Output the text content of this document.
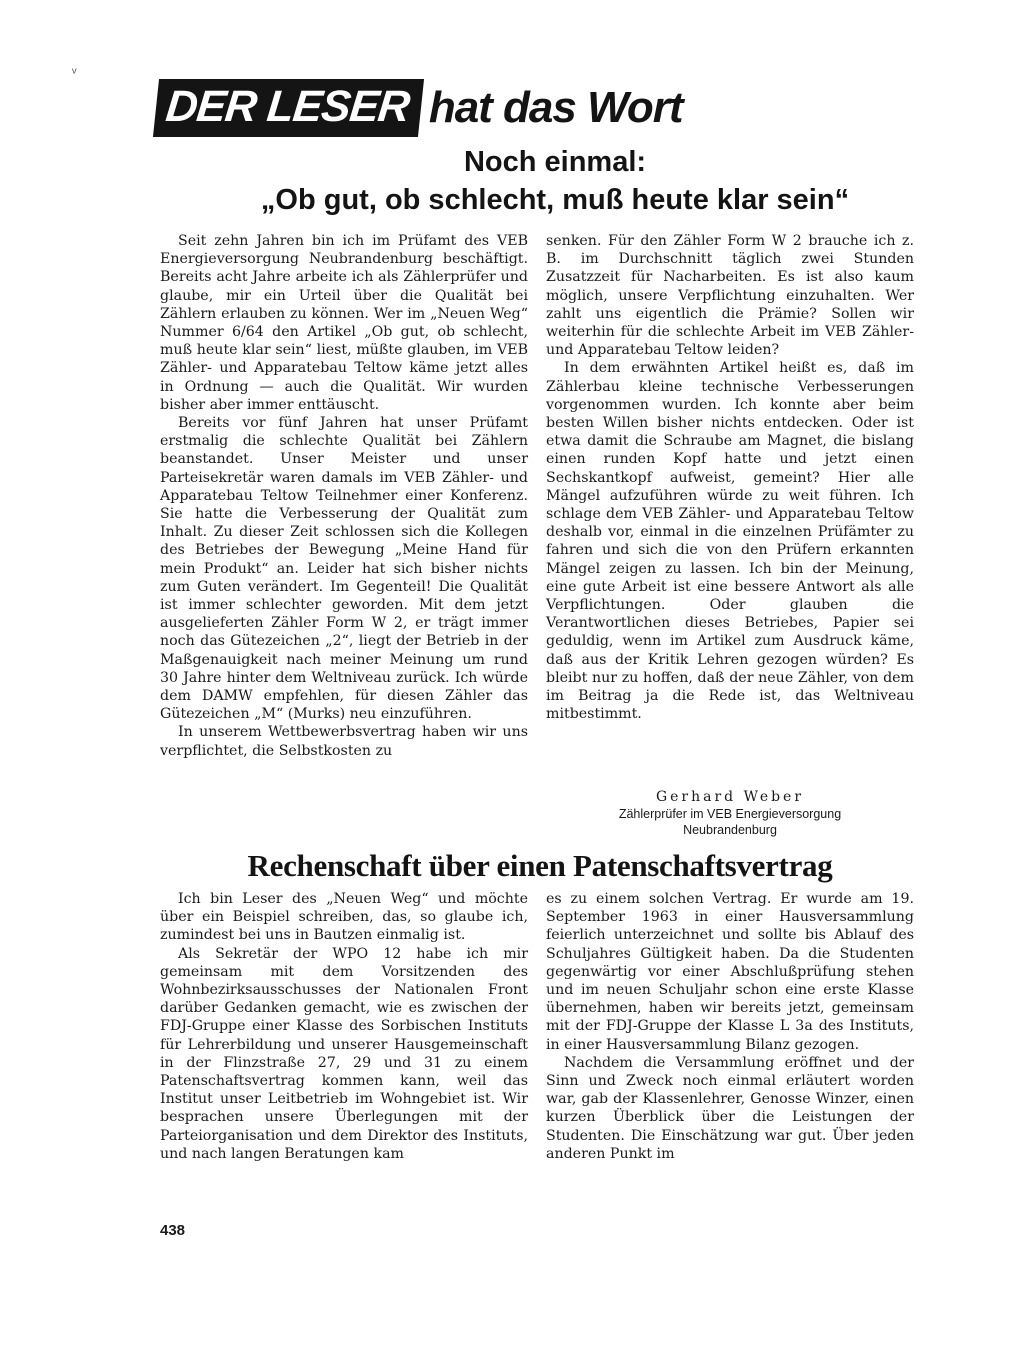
ᵛ
DER LESER hat das Wort
Noch einmal:
„Ob gut, ob schlecht, muß heute klar sein“

Seit zehn Jahren bin ich im Prüfamt des VEB Energieversorgung Neubrandenburg beschäftigt. Bereits acht Jahre arbeite ich als Zählerprüfer und glaube, mir ein Urteil über die Qualität bei Zählern erlauben zu können. Wer im „Neuen Weg“ Nummer 6/64 den Artikel „Ob gut, ob schlecht, muß heute klar sein“ liest, müßte glauben, im VEB Zähler- und Apparatebau Teltow käme jetzt alles in Ordnung — auch die Qualität. Wir wurden bisher aber immer enttäuscht.

Bereits vor fünf Jahren hat unser Prüfamt erstmalig die schlechte Qualität bei Zählern beanstandet. Unser Meister und unser Parteisekretär waren damals im VEB Zähler- und Apparatebau Teltow Teilnehmer einer Konferenz. Sie hatte die Verbesserung der Qualität zum Inhalt. Zu dieser Zeit schlossen sich die Kollegen des Betriebes der Bewegung „Meine Hand für mein Produkt“ an. Leider hat sich bisher nichts zum Guten verändert. Im Gegenteil! Die Qualität ist immer schlechter geworden. Mit dem jetzt ausgelieferten Zähler Form W 2, er trägt immer noch das Gütezeichen „2“, liegt der Betrieb in der Maßgenauigkeit nach meiner Meinung um rund 30 Jahre hinter dem Weltniveau zurück. Ich würde dem DAMW empfehlen, für diesen Zähler das Gütezeichen „M“ (Murks) neu einzuführen.

In unserem Wettbewerbsvertrag haben wir uns verpflichtet, die Selbstkosten zu

senken. Für den Zähler Form W 2 brauche ich z. B. im Durchschnitt täglich zwei Stunden Zusatzzeit für Nacharbeiten. Es ist also kaum möglich, unsere Verpflichtung einzuhalten. Wer zahlt uns eigentlich die Prämie? Sollen wir weiterhin für die schlechte Arbeit im VEB Zähler- und Apparatebau Teltow leiden?

In dem erwähnten Artikel heißt es, daß im Zählerbau kleine technische Verbesserungen vorgenommen wurden. Ich konnte aber beim besten Willen bisher nichts entdecken. Oder ist etwa damit die Schraube am Magnet, die bislang einen runden Kopf hatte und jetzt einen Sechskantkopf aufweist, gemeint? Hier alle Mängel aufzuführen würde zu weit führen. Ich schlage dem VEB Zähler- und Apparatebau Teltow deshalb vor, einmal in die einzelnen Prüfämter zu fahren und sich die von den Prüfern erkannten Mängel zeigen zu lassen. Ich bin der Meinung, eine gute Arbeit ist eine bessere Antwort als alle Verpflichtungen. Oder glauben die Verantwortlichen dieses Betriebes, Papier sei geduldig, wenn im Artikel zum Ausdruck käme, daß aus der Kritik Lehren gezogen würden? Es bleibt nur zu hoffen, daß der neue Zähler, von dem im Beitrag ja die Rede ist, das Weltniveau mitbestimmt.

Gerhard Weber
Zählerprüfer im VEB Energieversorgung
Neubrandenburg
Rechenschaft über einen Patenschaftsvertrag

Ich bin Leser des „Neuen Weg“ und möchte über ein Beispiel schreiben, das, so glaube ich, zumindest bei uns in Bautzen einmalig ist.

Als Sekretär der WPO 12 habe ich mir gemeinsam mit dem Vorsitzenden des Wohnbezirksausschusses der Nationalen Front darüber Gedanken gemacht, wie es zwischen der FDJ-Gruppe einer Klasse des Sorbischen Instituts für Lehrerbildung und unserer Hausgemeinschaft in der Flinzstraße 27, 29 und 31 zu einem Patenschaftsvertrag kommen kann, weil das Institut unser Leitbetrieb im Wohngebiet ist. Wir besprachen unsere Überlegungen mit der Parteiorganisation und dem Direktor des Instituts, und nach langen Beratungen kam

es zu einem solchen Vertrag. Er wurde am 19. September 1963 in einer Hausversammlung feierlich unterzeichnet und sollte bis Ablauf des Schuljahres Gültigkeit haben. Da die Studenten gegenwärtig vor einer Abschlußprüfung stehen und im neuen Schuljahr schon eine erste Klasse übernehmen, haben wir bereits jetzt, gemeinsam mit der FDJ-Gruppe der Klasse L 3a des Instituts, in einer Hausversammlung Bilanz gezogen.

Nachdem die Versammlung eröffnet und der Sinn und Zweck noch einmal erläutert worden war, gab der Klassenlehrer, Genosse Winzer, einen kurzen Überblick über die Leistungen der Studenten. Die Einschätzung war gut. Über jeden anderen Punkt im

438
